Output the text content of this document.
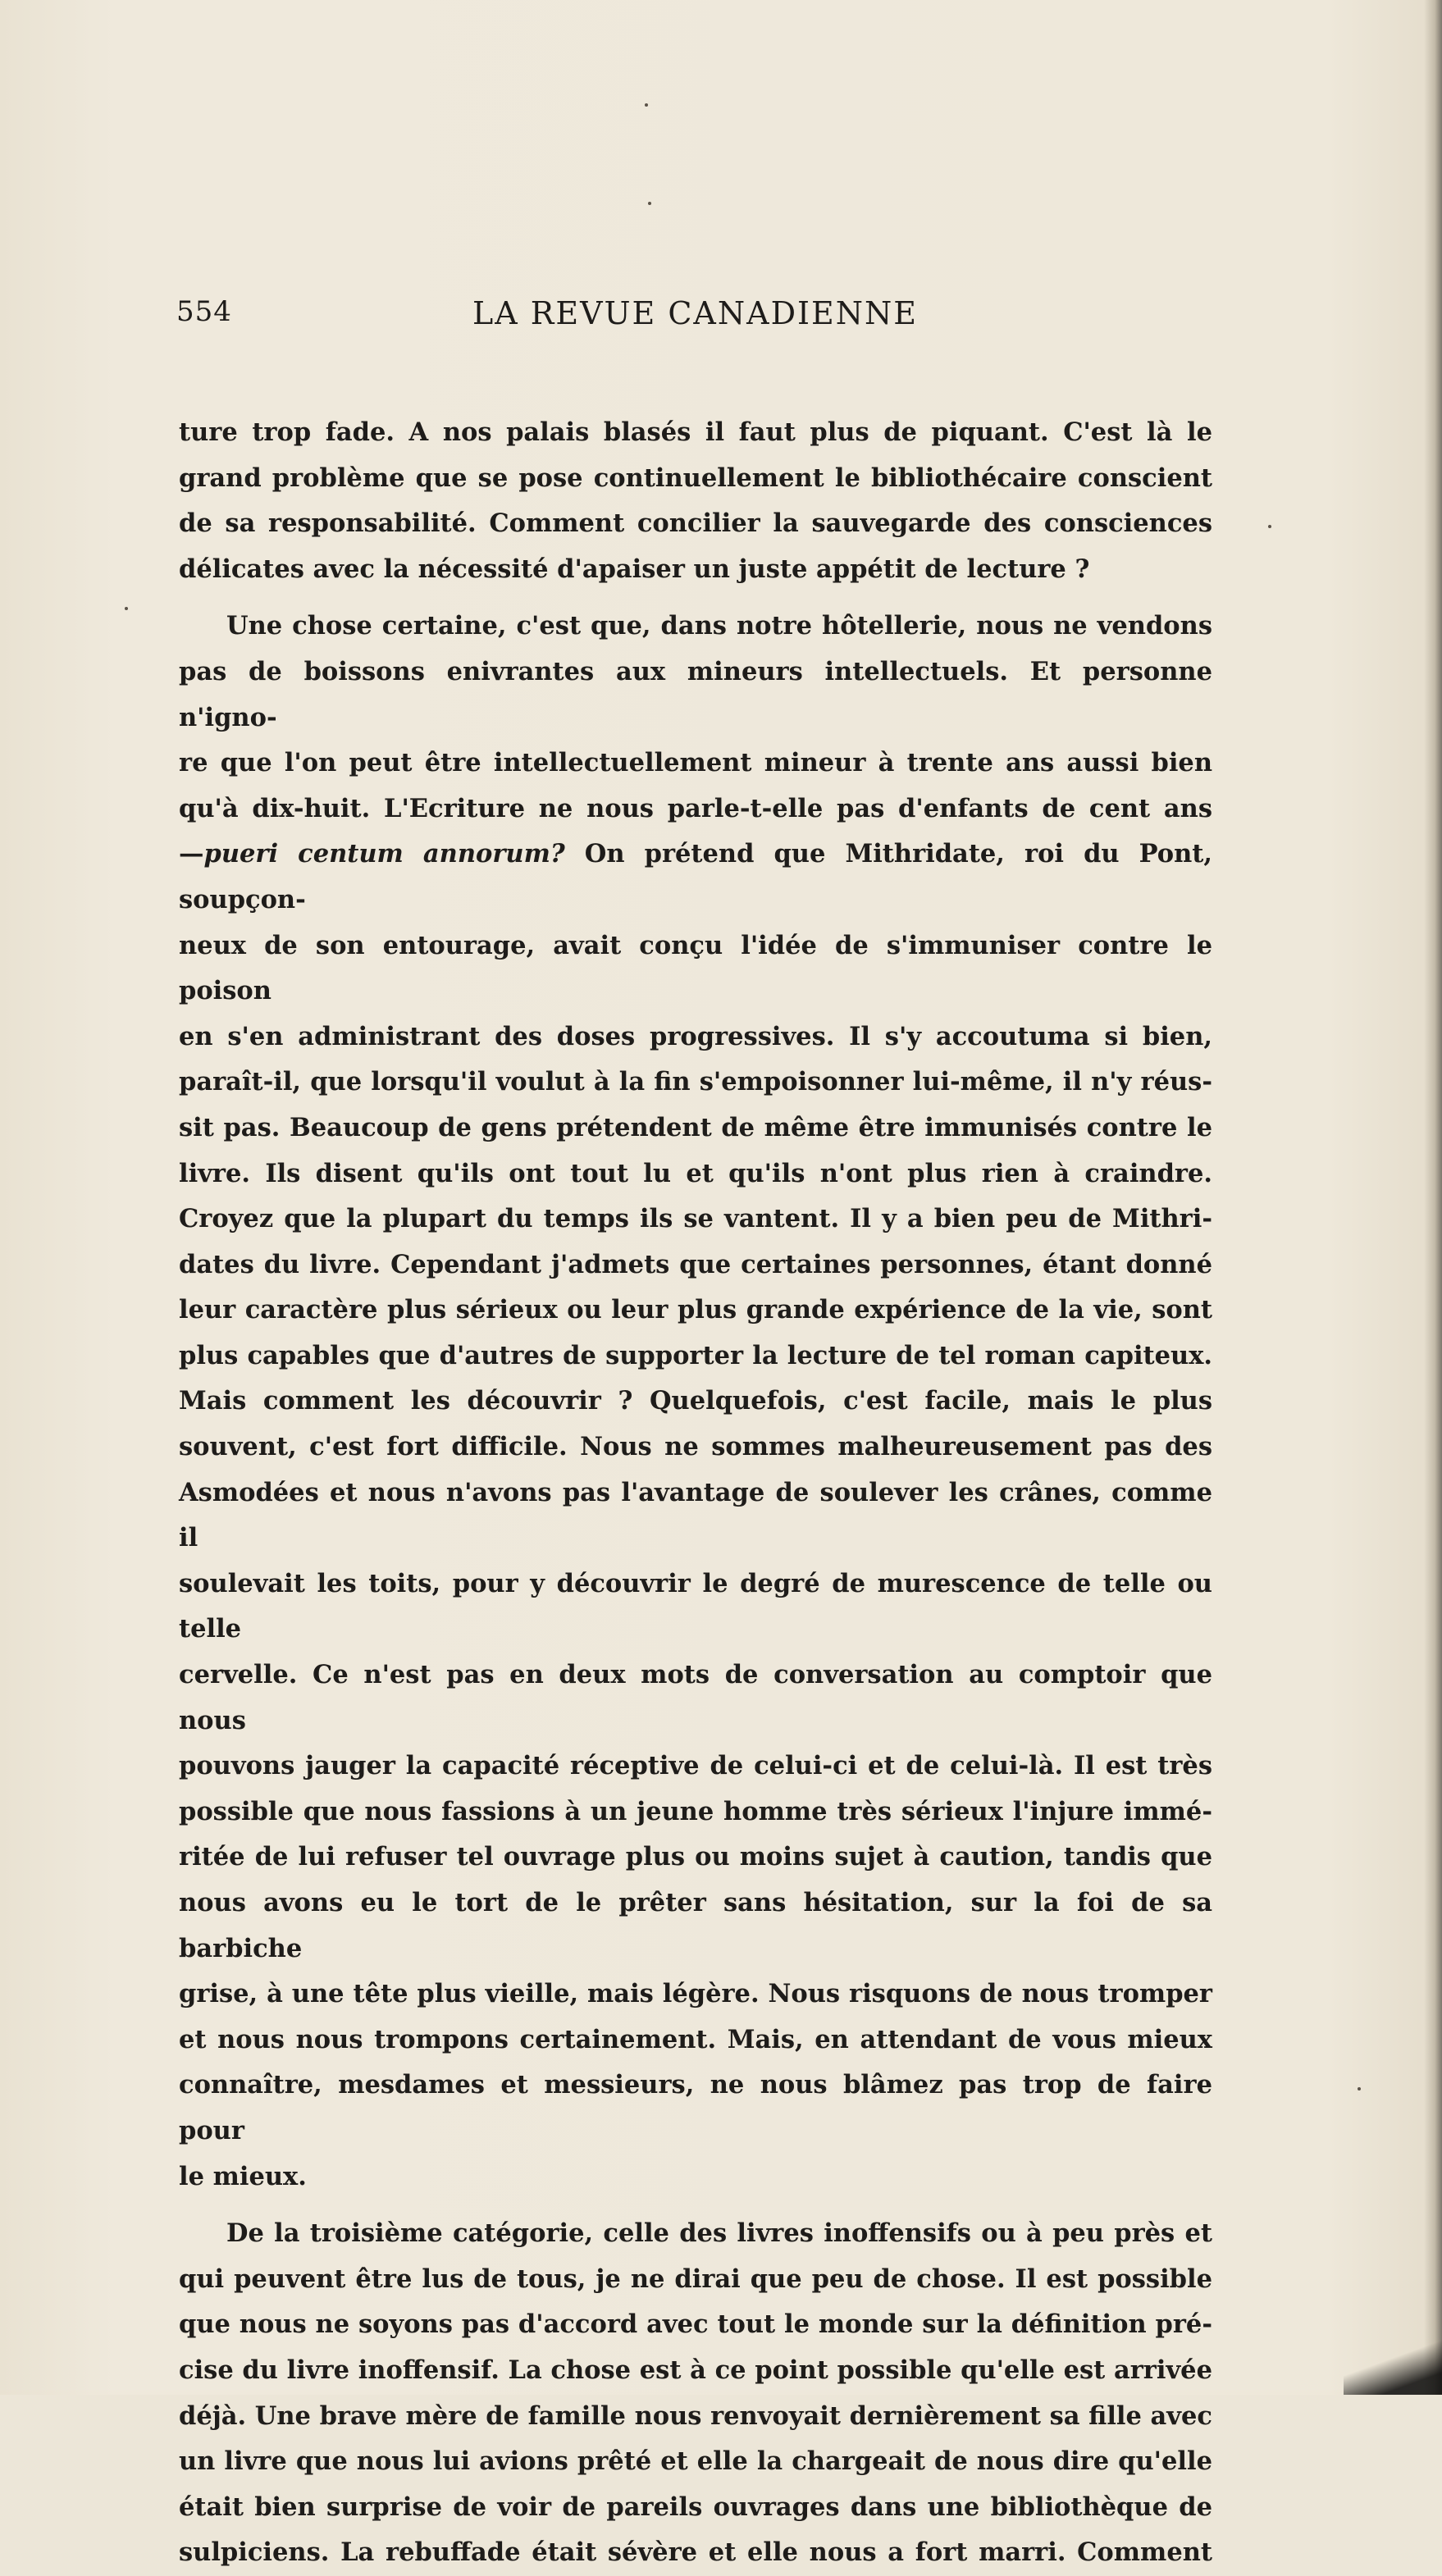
554	LA REVUE CANADIENNE

ture trop fade. A nos palais blasés il faut plus de piquant. C'est là le
grand problème que se pose continuellement le bibliothécaire conscient
de sa responsabilité. Comment concilier la sauvegarde des consciences
délicates avec la nécessité d'apaiser un juste appétit de lecture ?

Une chose certaine, c'est que, dans notre hôtellerie, nous ne vendons
pas de boissons enivrantes aux mineurs intellectuels. Et personne n'igno-
re que l'on peut être intellectuellement mineur à trente ans aussi bien
qu'à dix-huit. L'Ecriture ne nous parle-t-elle pas d'enfants de cent ans
—pueri centum annorum? On prétend que Mithridate, roi du Pont, soupçon-
neux de son entourage, avait conçu l'idée de s'immuniser contre le poison
en s'en administrant des doses progressives. Il s'y accoutuma si bien,
paraît-il, que lorsqu'il voulut à la fin s'empoisonner lui-même, il n'y réus-
sit pas. Beaucoup de gens prétendent de même être immunisés contre le
livre. Ils disent qu'ils ont tout lu et qu'ils n'ont plus rien à craindre.
Croyez que la plupart du temps ils se vantent. Il y a bien peu de Mithri-
dates du livre. Cependant j'admets que certaines personnes, étant donné
leur caractère plus sérieux ou leur plus grande expérience de la vie, sont
plus capables que d'autres de supporter la lecture de tel roman capiteux.
Mais comment les découvrir ? Quelquefois, c'est facile, mais le plus
souvent, c'est fort difficile. Nous ne sommes malheureusement pas des
Asmodées et nous n'avons pas l'avantage de soulever les crânes, comme il
soulevait les toits, pour y découvrir le degré de murescence de telle ou telle
cervelle. Ce n'est pas en deux mots de conversation au comptoir que nous
pouvons jauger la capacité réceptive de celui-ci et de celui-là. Il est très
possible que nous fassions à un jeune homme très sérieux l'injure immé-
ritée de lui refuser tel ouvrage plus ou moins sujet à caution, tandis que
nous avons eu le tort de le prêter sans hésitation, sur la foi de sa barbiche
grise, à une tête plus vieille, mais légère. Nous risquons de nous tromper
et nous nous trompons certainement. Mais, en attendant de vous mieux
connaître, mesdames et messieurs, ne nous blâmez pas trop de faire pour
le mieux.

De la troisième catégorie, celle des livres inoffensifs ou à peu près et
qui peuvent être lus de tous, je ne dirai que peu de chose. Il est possible
que nous ne soyons pas d'accord avec tout le monde sur la définition pré-
cise du livre inoffensif. La chose est à ce point possible qu'elle est arrivée
déjà. Une brave mère de famille nous renvoyait dernièrement sa fille avec
un livre que nous lui avions prêté et elle la chargeait de nous dire qu'elle
était bien surprise de voir de pareils ouvrages dans une bibliothèque de
sulpiciens. La rebuffade était sévère et elle nous a fort marri. Comment
